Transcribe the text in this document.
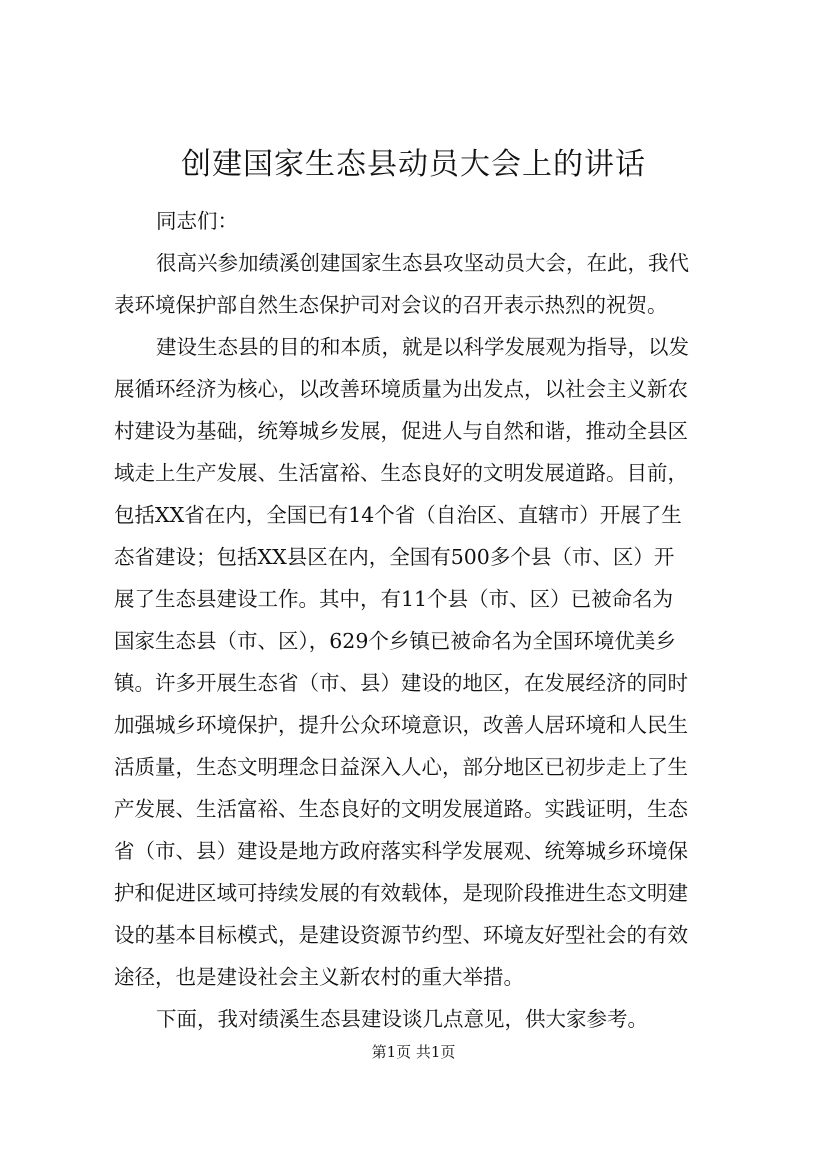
创建国家生态县动员大会上的讲话
同志们：
很高兴参加绩溪创建国家生态县攻坚动员大会，在此，我代
表环境保护部自然生态保护司对会议的召开表示热烈的祝贺。
建设生态县的目的和本质，就是以科学发展观为指导，以发
展循环经济为核心，以改善环境质量为出发点，以社会主义新农
村建设为基础，统筹城乡发展，促进人与自然和谐，推动全县区
域走上生产发展、生活富裕、生态良好的文明发展道路。目前，
包括XX省在内，全国已有14个省（自治区、直辖市）开展了生
态省建设；包括XX县区在内，全国有500多个县（市、区）开
展了生态县建设工作。其中，有11个县（市、区）已被命名为
国家生态县（市、区），629个乡镇已被命名为全国环境优美乡
镇。许多开展生态省（市、县）建设的地区，在发展经济的同时
加强城乡环境保护，提升公众环境意识，改善人居环境和人民生
活质量，生态文明理念日益深入人心，部分地区已初步走上了生
产发展、生活富裕、生态良好的文明发展道路。实践证明，生态
省（市、县）建设是地方政府落实科学发展观、统筹城乡环境保
护和促进区域可持续发展的有效载体，是现阶段推进生态文明建
设的基本目标模式，是建设资源节约型、环境友好型社会的有效
途径，也是建设社会主义新农村的重大举措。
下面，我对绩溪生态县建设谈几点意见，供大家参考。
第1页 共1页
